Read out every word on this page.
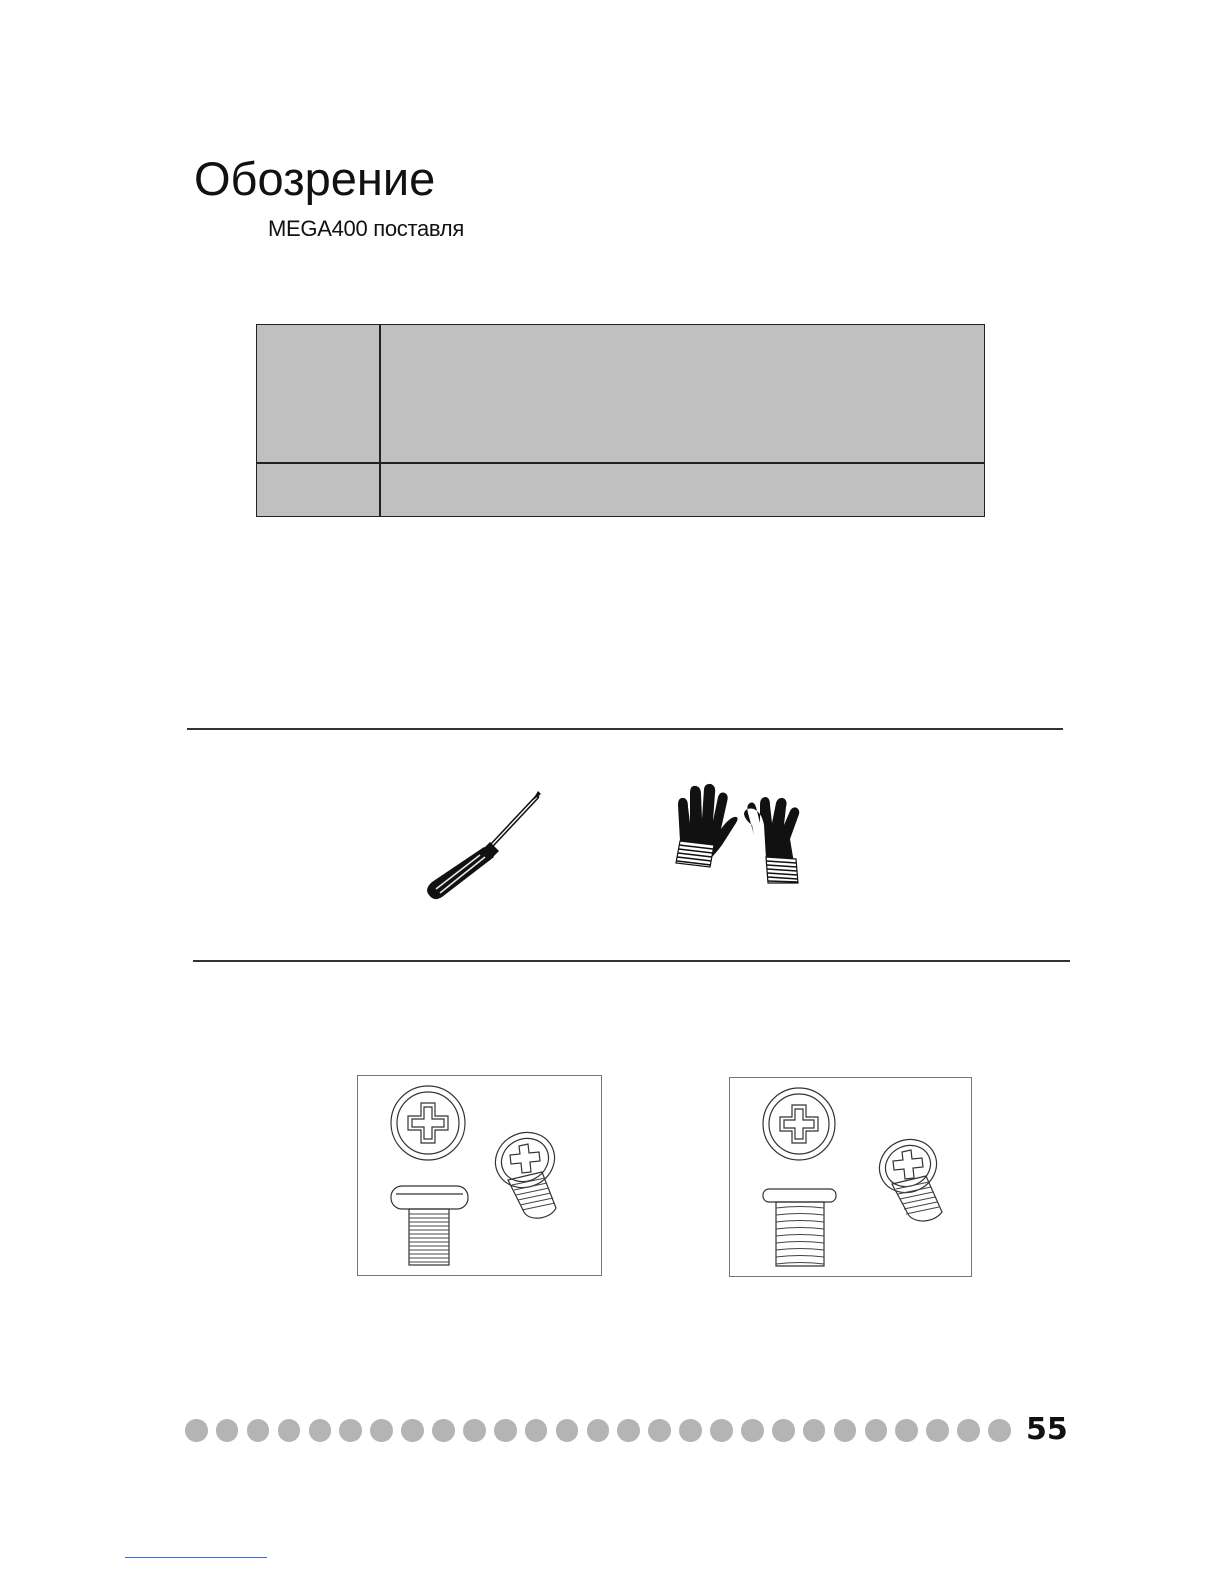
Обозрение
MEGA400 поставля
55
